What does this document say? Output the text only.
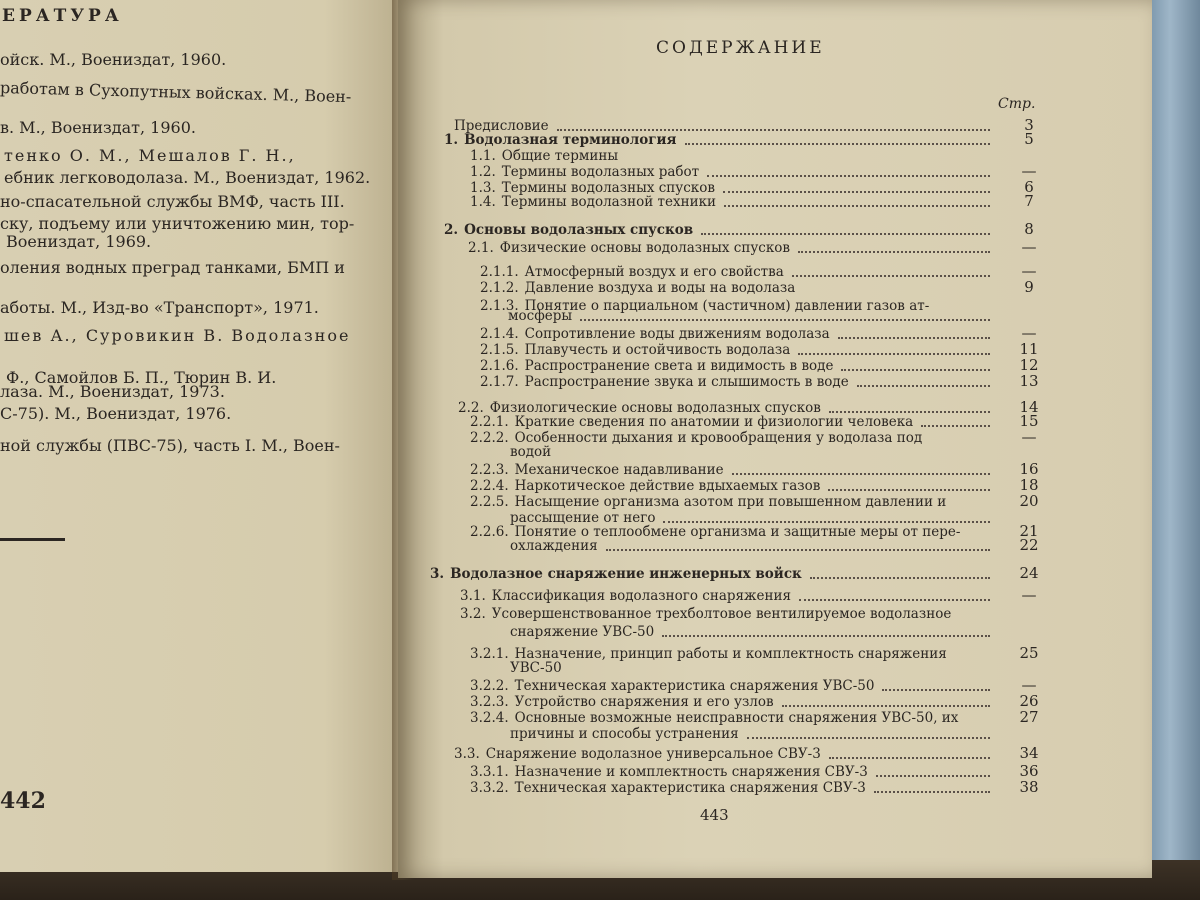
ЕРАТУРА
ойск. М., Воениздат, 1960.
работам в Сухопутных войсках. М., Воен-
в. М., Воениздат, 1960.
тенко О. М., Мешалов Г. Н.,
ебник легководолаза. М., Воениздат, 1962.
но-спасательной службы ВМФ, часть III.
ску, подъему или уничтожению мин, тор-
Воениздат, 1969.
оления водных преград танками, БМП и
аботы. М., Изд-во «Транспорт», 1971.
шев А., Суровикин В. Водолазное
Ф., Самойлов Б. П., Тюрин В. И.
лаза. М., Воениздат, 1973.
С-75). М., Воениздат, 1976.
ной службы (ПВС-75), часть I. М., Воен-
442
СОДЕРЖАНИЕ
Стр.
Предисловие	3
1. Водолазная терминология	5
1.1. Общие термины
1.2. Термины водолазных работ	—
1.3. Термины водолазных спусков	6
1.4. Термины водолазной техники	7
2. Основы водолазных спусков	8
2.1. Физические основы водолазных спусков	—
2.1.1. Атмосферный воздух и его свойства	—
2.1.2. Давление воздуха и воды на водолаза	9
2.1.3. Понятие о парциальном (частичном) давлении газов ат-
мосферы
2.1.4. Сопротивление воды движениям водолаза	—
2.1.5. Плавучесть и остойчивость водолаза	11
2.1.6. Распространение света и видимость в воде	12
2.1.7. Распространение звука и слышимость в воде	13
2.2. Физиологические основы водолазных спусков	14
2.2.1. Краткие сведения по анатомии и физиологии человека	15
2.2.2. Особенности дыхания и кровообращения у водолаза под	—
водой
2.2.3. Механическое надавливание	16
2.2.4. Наркотическое действие вдыхаемых газов	18
2.2.5. Насыщение организма азотом при повышенном давлении и	20
рассыщение от него
2.2.6. Понятие о теплообмене организма и защитные меры от пере-	21
охлаждения	22
3. Водолазное снаряжение инженерных войск	24
3.1. Классификация водолазного снаряжения	—
3.2. Усовершенствованное трехболтовое вентилируемое водолазное
снаряжение УВС-50
3.2.1. Назначение, принцип работы и комплектность снаряжения	25
УВС-50
3.2.2. Техническая характеристика снаряжения УВС-50	—
3.2.3. Устройство снаряжения и его узлов	26
3.2.4. Основные возможные неисправности снаряжения УВС-50, их	27
причины и способы устранения
3.3. Снаряжение водолазное универсальное СВУ-3	34
3.3.1. Назначение и комплектность снаряжения СВУ-3	36
3.3.2. Техническая характеристика снаряжения СВУ-3	38
443
